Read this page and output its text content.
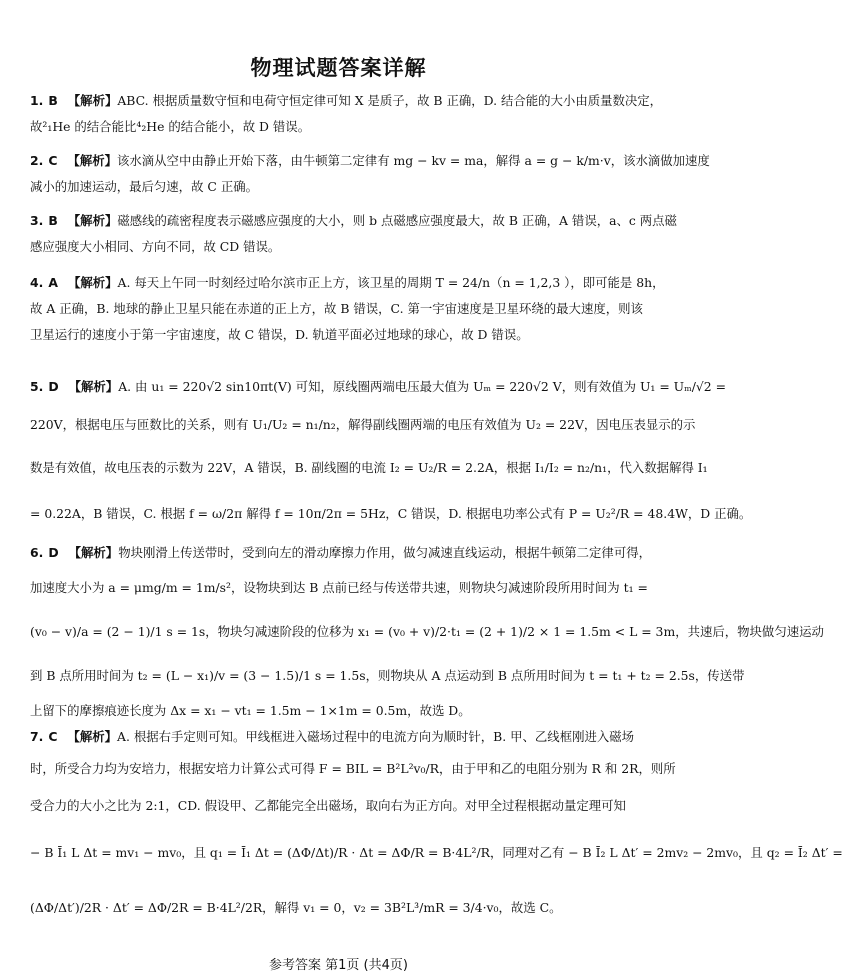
物理试题答案详解
1. B 【解析】ABC. 根据质量数守恒和电荷守恒定律可知 X 是质子，故 B 正确，D. 结合能的大小由质量数决定，
故²₁He 的结合能比⁴₂He 的结合能小，故 D 错误。
2. C 【解析】该水滴从空中由静止开始下落，由牛顿第二定律有 mg − kv = ma，解得 a = g − k/m·v，该水滴做加速度
减小的加速运动，最后匀速，故 C 正确。
3. B 【解析】磁感线的疏密程度表示磁感应强度的大小，则 b 点磁感应强度最大，故 B 正确，A 错误，a、c 两点磁
感应强度大小相同、方向不同，故 CD 错误。
4. A 【解析】A. 每天上午同一时刻经过哈尔滨市正上方，该卫星的周期 T = 24/n（n = 1,2,3 ），即可能是 8h，
故 A 正确，B. 地球的静止卫星只能在赤道的正上方，故 B 错误，C. 第一宇宙速度是卫星环绕的最大速度，则该
卫星运行的速度小于第一宇宙速度，故 C 错误，D. 轨道平面必过地球的球心，故 D 错误。
5. D 【解析】A. 由 u₁ = 220√2 sin10πt(V) 可知，原线圈两端电压最大值为 Uₘ = 220√2 V，则有效值为 U₁ = Uₘ/√2 =
220V，根据电压与匝数比的关系，则有 U₁/U₂ = n₁/n₂，解得副线圈两端的电压有效值为 U₂ = 22V，因电压表显示的示
数是有效值，故电压表的示数为 22V，A 错误，B. 副线圈的电流 I₂ = U₂/R = 2.2A，根据 I₁/I₂ = n₂/n₁，代入数据解得 I₁
= 0.22A，B 错误，C. 根据 f = ω/2π 解得 f = 10π/2π = 5Hz，C 错误，D. 根据电功率公式有 P = U₂²/R = 48.4W，D 正确。
6. D 【解析】物块刚滑上传送带时，受到向左的滑动摩擦力作用，做匀减速直线运动，根据牛顿第二定律可得，
加速度大小为 a = μmg/m = 1m/s²，设物块到达 B 点前已经与传送带共速，则物块匀减速阶段所用时间为 t₁ =
(v₀ − v)/a = (2 − 1)/1 s = 1s，物块匀减速阶段的位移为 x₁ = (v₀ + v)/2·t₁ = (2 + 1)/2 × 1 = 1.5m < L = 3m，共速后，物块做匀速运动
到 B 点所用时间为 t₂ = (L − x₁)/v = (3 − 1.5)/1 s = 1.5s，则物块从 A 点运动到 B 点所用时间为 t = t₁ + t₂ = 2.5s，传送带
上留下的摩擦痕迹长度为 Δx = x₁ − vt₁ = 1.5m − 1×1m = 0.5m，故选 D。
7. C 【解析】A. 根据右手定则可知。甲线框进入磁场过程中的电流方向为顺时针，B. 甲、乙线框刚进入磁场
时，所受合力均为安培力，根据安培力计算公式可得 F = BIL = B²L²v₀/R，由于甲和乙的电阻分别为 R 和 2R，则所
受合力的大小之比为 2:1，CD. 假设甲、乙都能完全出磁场，取向右为正方向。对甲全过程根据动量定理可知
− B Ī₁ L Δt = mv₁ − mv₀，且 q₁ = Ī₁ Δt = (ΔΦ/Δt)/R · Δt = ΔΦ/R = B·4L²/R，同理对乙有 − B Ī₂ L Δt′ = 2mv₂ − 2mv₀，且 q₂ = Ī₂ Δt′ =
(ΔΦ/Δt′)/2R · Δt′ = ΔΦ/2R = B·4L²/2R，解得 v₁ = 0，v₂ = 3B²L³/mR = 3/4·v₀，故选 C。
参考答案 第1页 (共4页)
